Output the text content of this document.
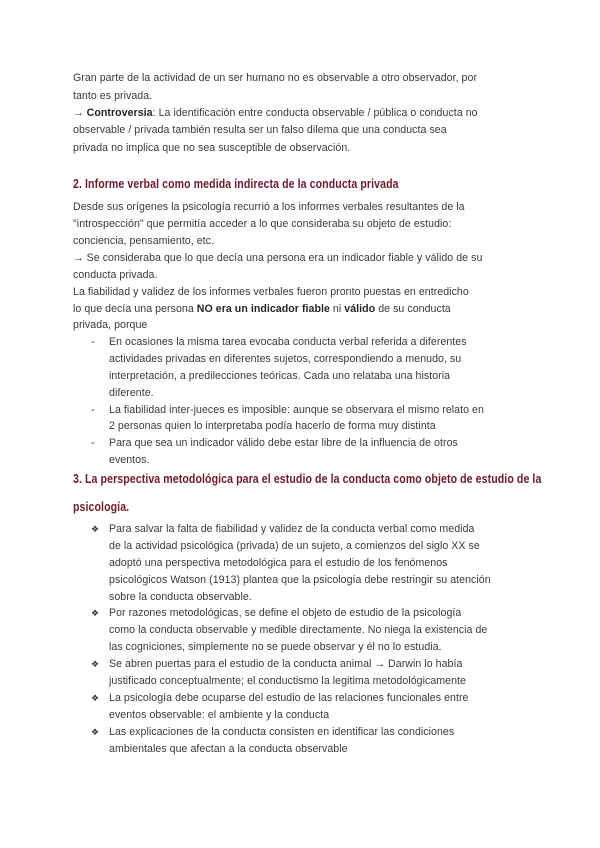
Gran parte de la actividad de un ser humano no es observable a otro observador, por
tanto es privada.
→ Controversia: La identificación entre conducta observable / pública o conducta no
observable / privada también resulta ser un falso dilema que una conducta sea
privada no implica que no sea susceptible de observación.
2. Informe verbal como medida indirecta de la conducta privada
Desde sus orígenes la psicología recurrió a los informes verbales resultantes de la
"introspección" que permitía acceder a lo que consideraba su objeto de estudio:
conciencia, pensamiento, etc.
→ Se consideraba que lo que decía una persona era un indicador fiable y válido de su
conducta privada.
La fiabilidad y validez de los informes verbales fueron pronto puestas en entredicho
lo que decía una persona NO era un indicador fiable ni válido de su conducta
privada, porque
- En ocasiones la misma tarea evocaba conducta verbal referida a diferentes
actividades privadas en diferentes sujetos, correspondiendo a menudo, su
interpretación, a predilecciones teóricas. Cada uno relataba una historia
diferente.
- La fiabilidad inter-jueces es imposible: aunque se observara el mismo relato en
2 personas quien lo interpretaba podía hacerlo de forma muy distinta
- Para que sea un indicador válido debe estar libre de la influencia de otros
eventos.
3. La perspectiva metodológica para el estudio de la conducta como objeto de estudio de la
psicología.
❖ Para salvar la falta de fiabilidad y validez de la conducta verbal como medida
de la actividad psicológica (privada) de un sujeto, a comienzos del siglo XX se
adoptó una perspectiva metodológica para el estudio de los fenómenos
psicológicos Watson (1913) plantea que la psicología debe restringir su atención
sobre la conducta observable.
❖ Por razones metodológicas, se define el objeto de estudio de la psicología
como la conducta observable y medible directamente. No niega la existencia de
las cogniciones, simplemente no se puede observar y él no lo estudia.
❖ Se abren puertas para el estudio de la conducta animal → Darwin lo había
justificado conceptualmente; el conductismo la legitima metodológicamente
❖ La psicología debe ocuparse del estudio de las relaciones funcionales entre
eventos observable: el ambiente y la conducta
❖ Las explicaciones de la conducta consisten en identificar las condiciones
ambientales que afectan a la conducta observable
